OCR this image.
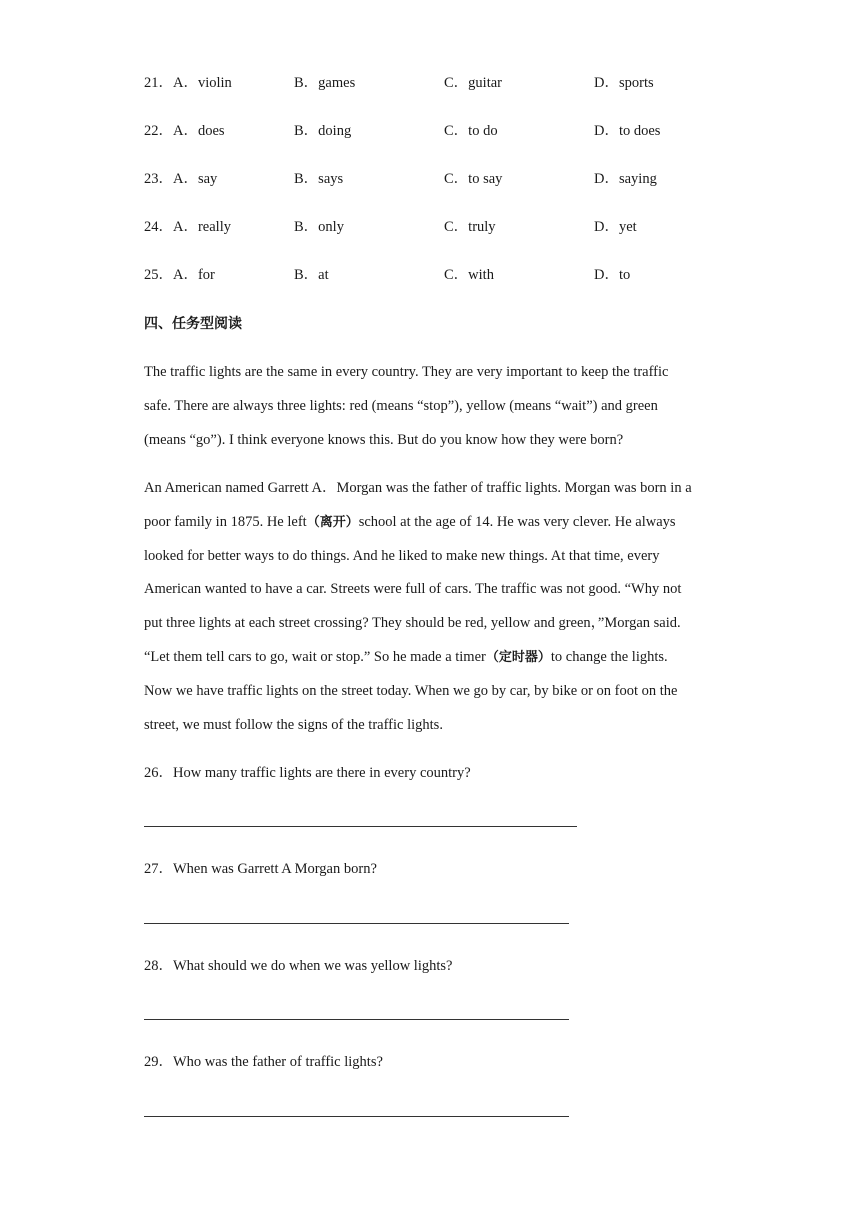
21．A．violin	B．games	C．guitar	D．sports
22．A．does	B．doing	C．to do	D．to does
23．A．say	B．says	C．to say	D．saying
24．A．really	B．only	C．truly	D．yet
25．A．for	B．at	C．with	D．to
四、任务型阅读
The traffic lights are the same in every country. They are very important to keep the traffic
safe. There are always three lights: red (means “stop”), yellow (means “wait”) and green
(means “go”). I think everyone knows this. But do you know how they were born?
An American named Garrett A．Morgan was the father of traffic lights. Morgan was born in a
poor family in 1875. He left（离开）school at the age of 14. He was very clever. He always
looked for better ways to do things. And he liked to make new things. At that time, every
American wanted to have a car. Streets were full of cars. The traffic was not good. “Why not
put three lights at each street crossing? They should be red, yellow and green，”Morgan said.
“Let them tell cars to go, wait or stop.” So he made a timer（定时器）to change the lights.
Now we have traffic lights on the street today. When we go by car, by bike or on foot on the
street, we must follow the signs of the traffic lights.
26．How many traffic lights are there in every country?
27．When was Garrett A Morgan born?
28．What should we do when we was yellow lights?
29．Who was the father of traffic lights?
